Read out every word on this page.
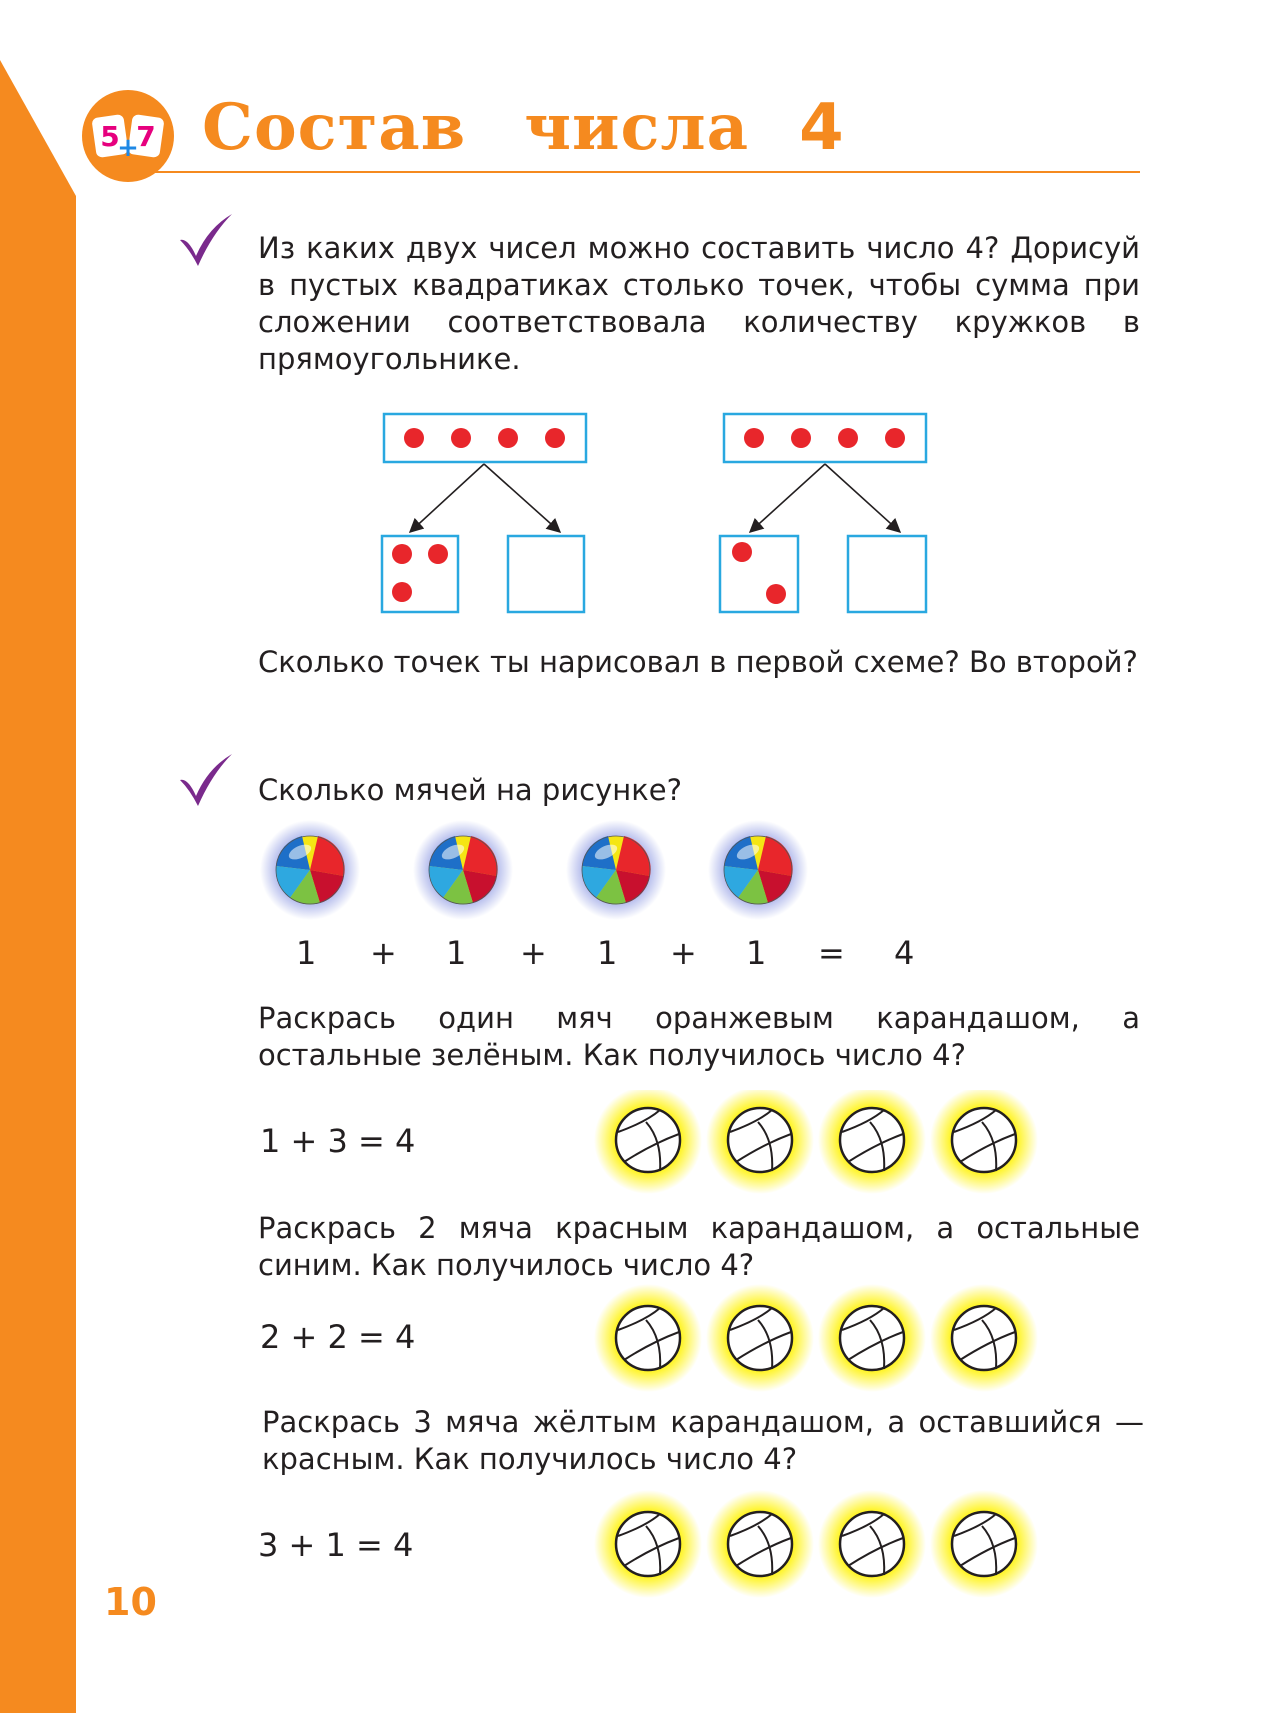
5 7
+ Состав числа 4
Из каких двух чисел можно составить число 4? Дорисуй в пустых квадратиках столько точек, чтобы сумма при сложении соответствовала количеству кружков в прямоугольнике.
Сколько точек ты нарисовал в первой схеме? Во второй?
Сколько мячей на рисунке?
1 + 1 + 1 + 1 = 4
Раскрась один мяч оранжевым карандашом, а остальные зелёным. Как получилось число 4?
1 + 3 = 4
Раскрась 2 мяча красным карандашом, а остальные синим. Как получилось число 4?
2 + 2 = 4
Раскрась 3 мяча жёлтым карандашом, а оставшийся — красным. Как получилось число 4?
3 + 1 = 4
10
